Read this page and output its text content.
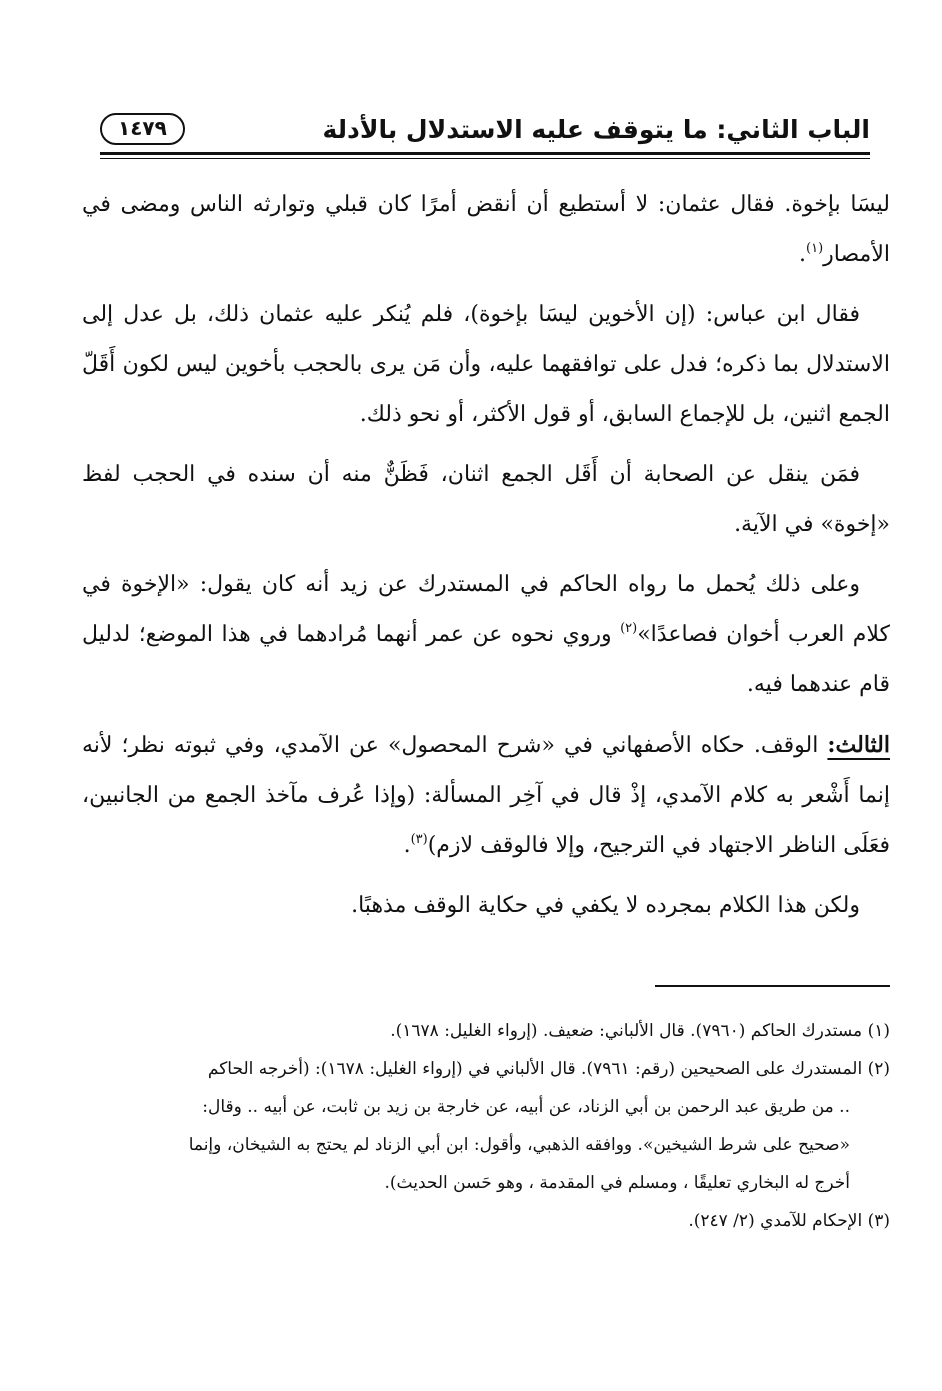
الباب الثاني: ما يتوقف عليه الاستدلال بالأدلة
١٤٧٩

ليسَا بإخوة. فقال عثمان: لا أستطيع أن أنقض أمرًا كان قبلي وتوارثه الناس ومضى في الأمصار$^{(١)}$.

فقال ابن عباس: (إن الأخوين ليسَا بإخوة)، فلم يُنكر عليه عثمان ذلك، بل عدل إلى الاستدلال بما ذكره؛ فدل على توافقهما عليه، وأن مَن يرى بالحجب بأخوين ليس لكون أَقَلّ الجمع اثنين، بل للإجماع السابق، أو قول الأكثر، أو نحو ذلك.

فمَن ينقل عن الصحابة أن أَقَل الجمع اثنان، فَظَنٌّ منه أن سنده في الحجب لفظ «إخوة» في الآية.

وعلى ذلك يُحمل ما رواه الحاكم في المستدرك عن زيد أنه كان يقول: «الإخوة في كلام العرب أخوان فصاعدًا»$^{(٢)}$ وروي نحوه عن عمر أنهما مُرادهما في هذا الموضع؛ لدليل قام عندهما فيه.

الثالث: الوقف. حكاه الأصفهاني في «شرح المحصول» عن الآمدي، وفي ثبوته نظر؛ لأنه إنما أَشْعر به كلام الآمدي، إذْ قال في آخِر المسألة: (وإذا عُرف مآخذ الجمع من الجانبين، فعَلَى الناظر الاجتهاد في الترجيح، وإلا فالوقف لازم)$^{(٣)}$.

ولكن هذا الكلام بمجرده لا يكفي في حكاية الوقف مذهبًا.

(١) مستدرك الحاكم (٧٩٦٠). قال الألباني: ضعيف. (إرواء الغليل: ١٦٧٨).

(٢) المستدرك على الصحيحين (رقم: ٧٩٦١). قال الألباني في (إرواء الغليل: ١٦٧٨): (أخرجه الحاكم

.. من طريق عبد الرحمن بن أبي الزناد، عن أبيه، عن خارجة بن زيد بن ثابت، عن أبيه .. وقال:

«صحيح على شرط الشيخين». ووافقه الذهبي، وأقول: ابن أبي الزناد لم يحتج به الشيخان، وإنما

أخرج له البخاري تعليقًا ، ومسلم في المقدمة ، وهو حَسن الحديث).

(٣) الإحكام للآمدي (٢/ ٢٤٧).
